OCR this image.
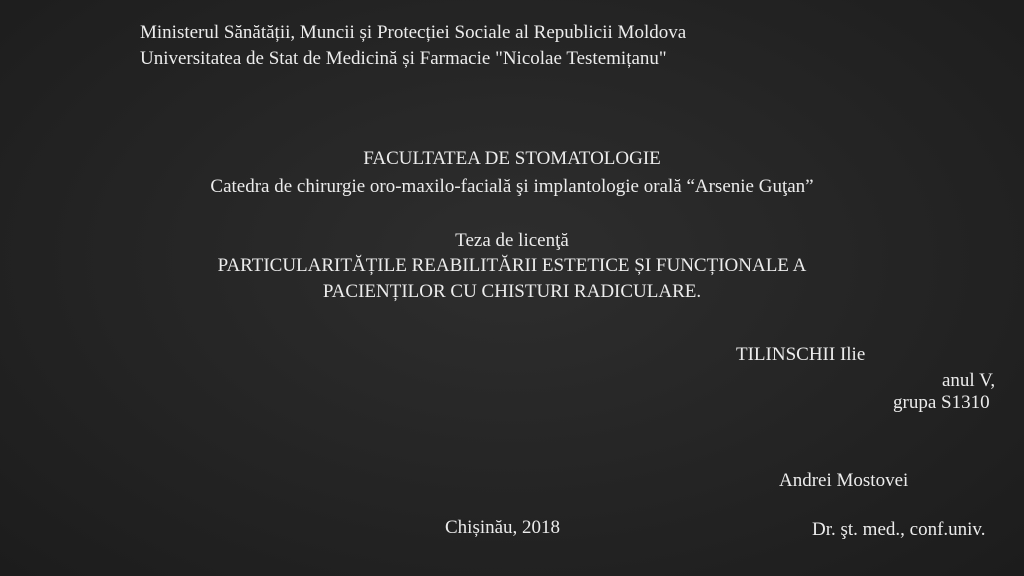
Ministerul Sănătății, Muncii și Protecției Sociale al Republicii Moldova
Universitatea de Stat de Medicină și Farmacie "Nicolae Testemițanu"
FACULTATEA DE STOMATOLOGIE
Catedra de chirurgie oro-maxilo-facială şi implantologie orală “Arsenie Guţan”
Teza de licenţă
PARTICULARITĂȚILE REABILITĂRII ESTETICE ȘI FUNCȚIONALE A
PACIENȚILOR CU CHISTURI RADICULARE.
TILINSCHII Ilie
anul V,
grupa S1310
Andrei Mostovei
Chișinău, 2018	Dr. şt. med., conf.univ.
